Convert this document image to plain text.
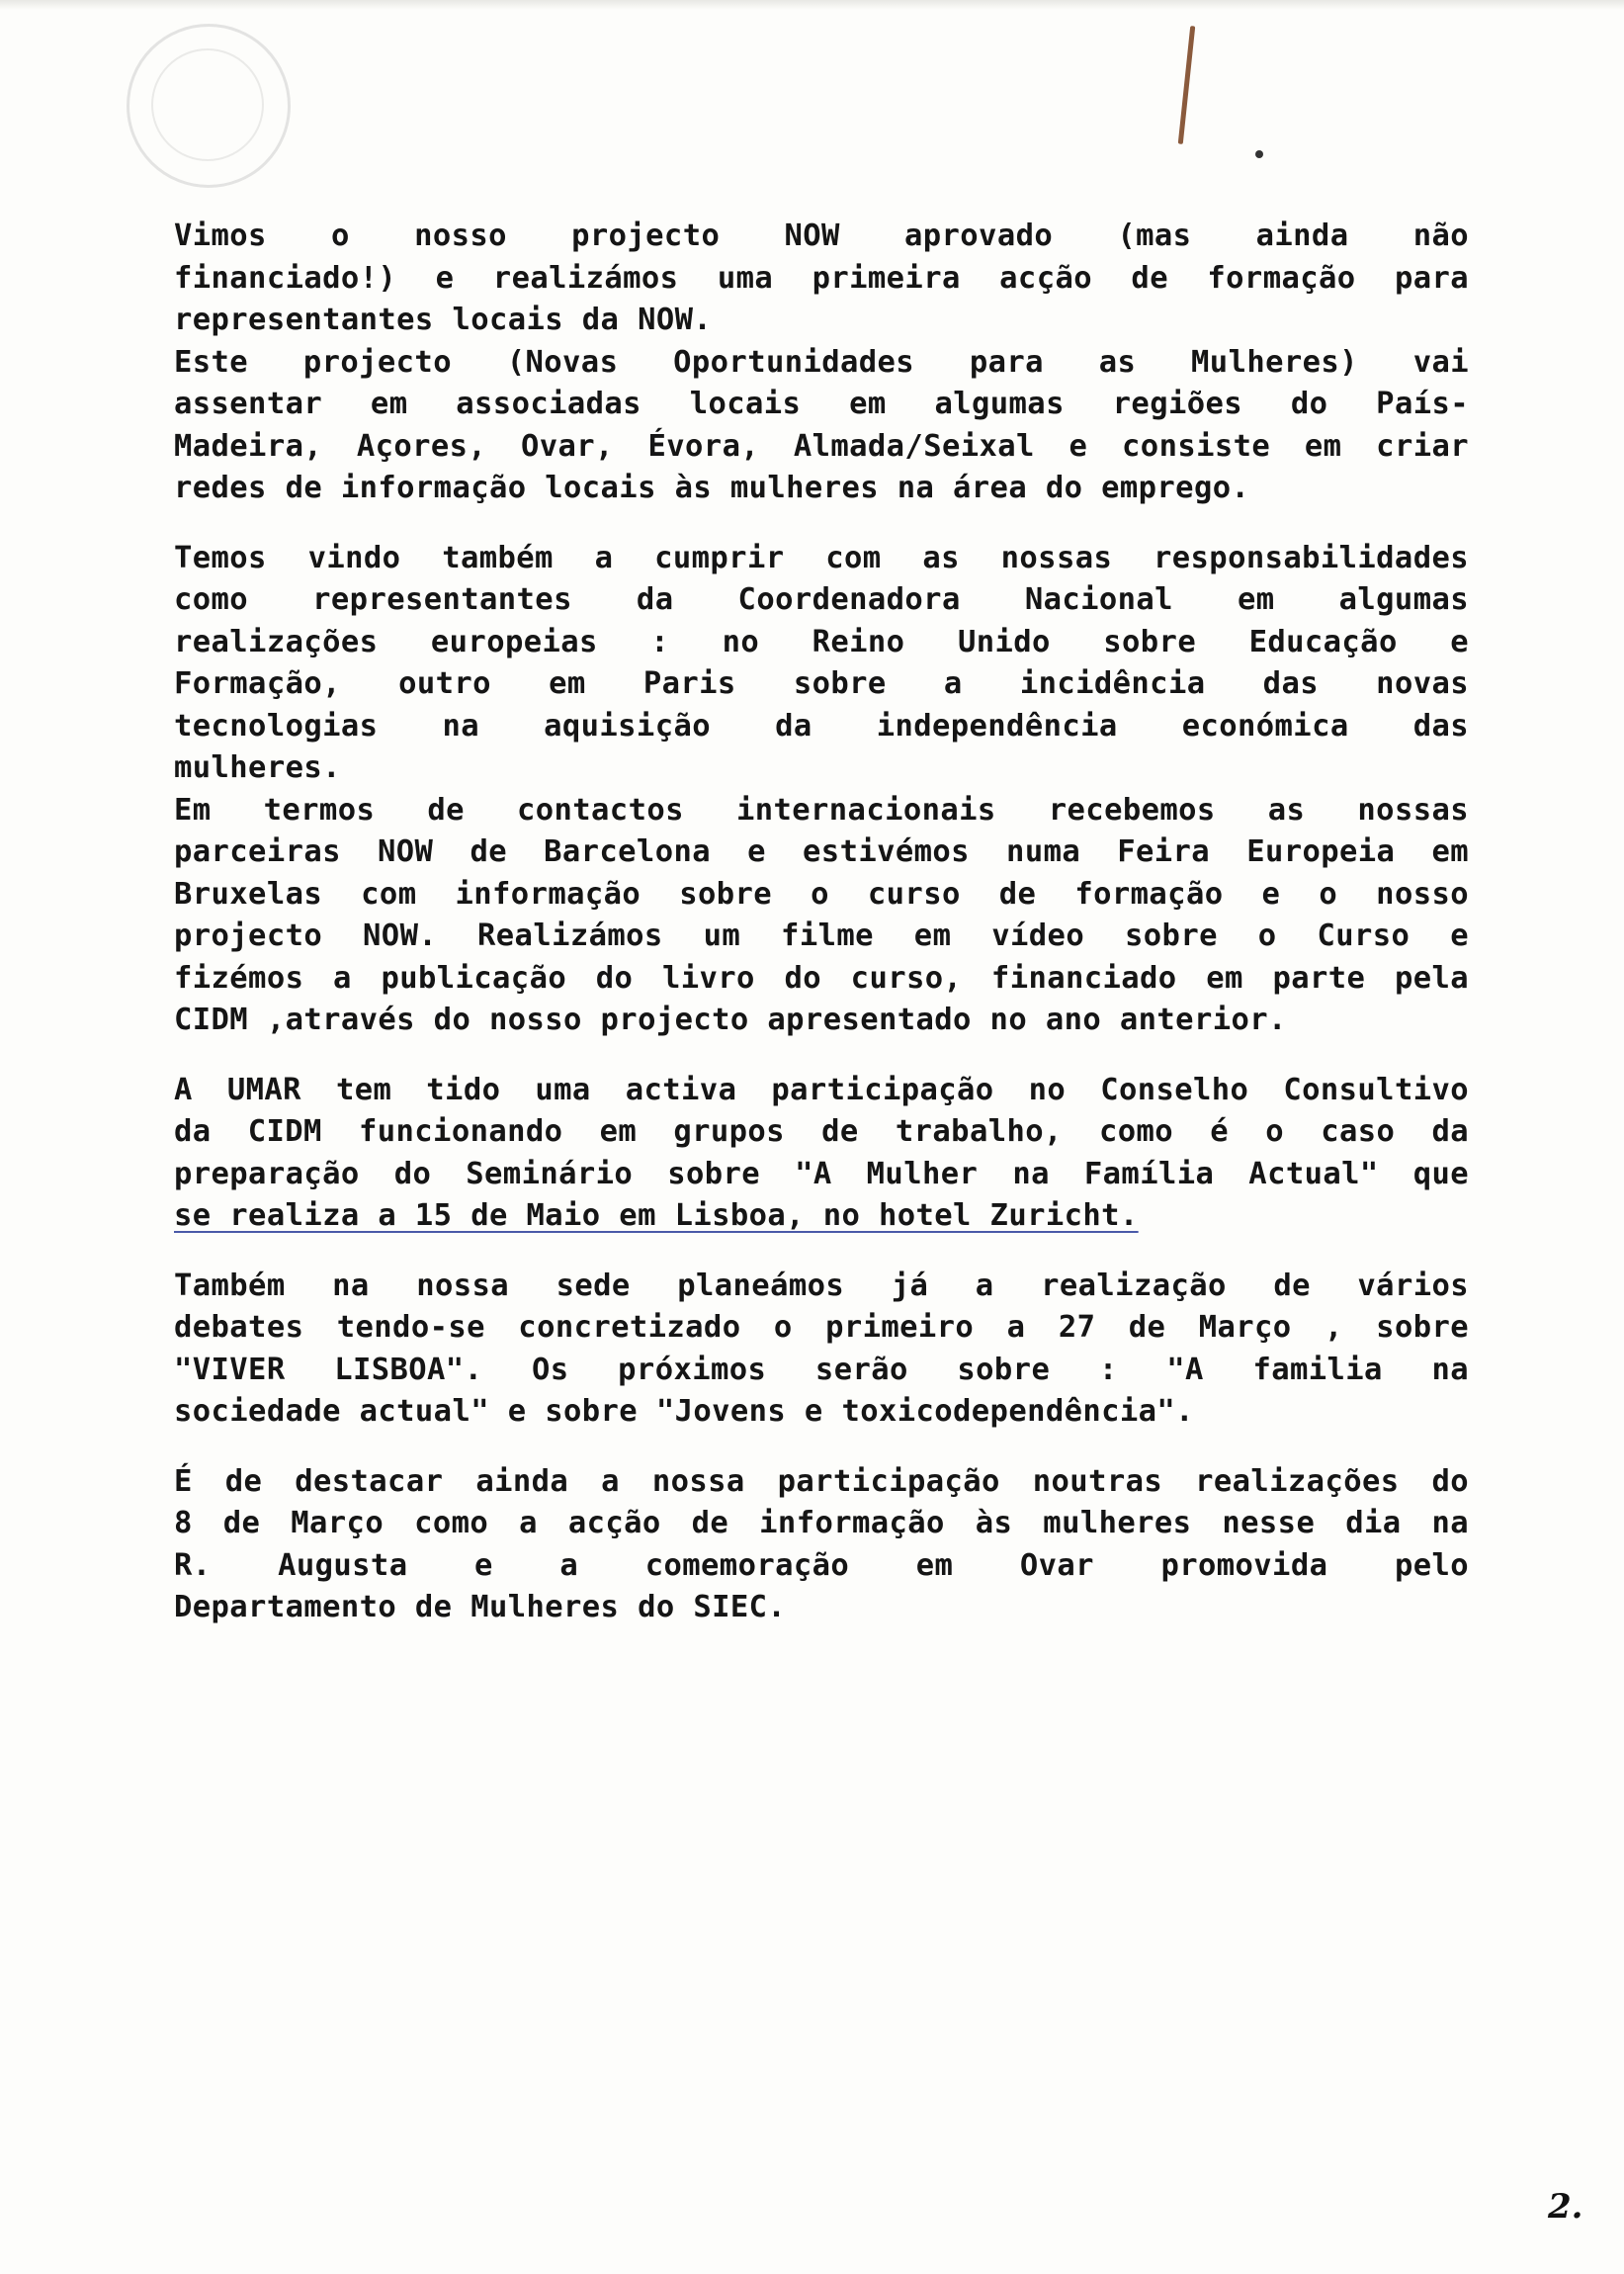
Vimos o nosso projecto NOW aprovado (mas ainda não
financiado!) e realizámos uma primeira acção de formação para
representantes locais da NOW.
Este projecto (Novas Oportunidades para as Mulheres) vai
assentar em associadas locais em algumas regiões do País-
Madeira, Açores, Ovar, Évora, Almada/Seixal e consiste em criar
redes de informação locais às mulheres na área do emprego.

Temos vindo também a cumprir com as nossas responsabilidades
como representantes da Coordenadora Nacional em algumas
realizações europeias : no Reino Unido sobre Educação e
Formação, outro em Paris sobre a incidência das novas
tecnologias na aquisição da independência económica das
mulheres.
Em termos de contactos internacionais recebemos as nossas
parceiras NOW de Barcelona e estivémos numa Feira Europeia em
Bruxelas com informação sobre o curso de formação e o nosso
projecto NOW. Realizámos um filme em vídeo sobre o Curso e
fizémos a publicação do livro do curso, financiado em parte pela
CIDM ,através do nosso projecto apresentado no ano anterior.

A UMAR tem tido uma activa participação no Conselho Consultivo
da CIDM funcionando em grupos de trabalho, como é o caso da
preparação do Seminário sobre "A Mulher na Família Actual" que
se realiza a 15 de Maio em Lisboa, no hotel Zuricht.

Também na nossa sede planeámos já a realização de vários
debates tendo-se concretizado o primeiro a 27 de Março , sobre
"VIVER LISBOA". Os próximos serão sobre : "A familia na
sociedade actual" e sobre "Jovens e toxicodependência".

É de destacar ainda a nossa participação noutras realizações do
8 de Março como a acção de informação às mulheres nesse dia na
R. Augusta e a comemoração em Ovar promovida pelo
Departamento de Mulheres do SIEC.

2.
